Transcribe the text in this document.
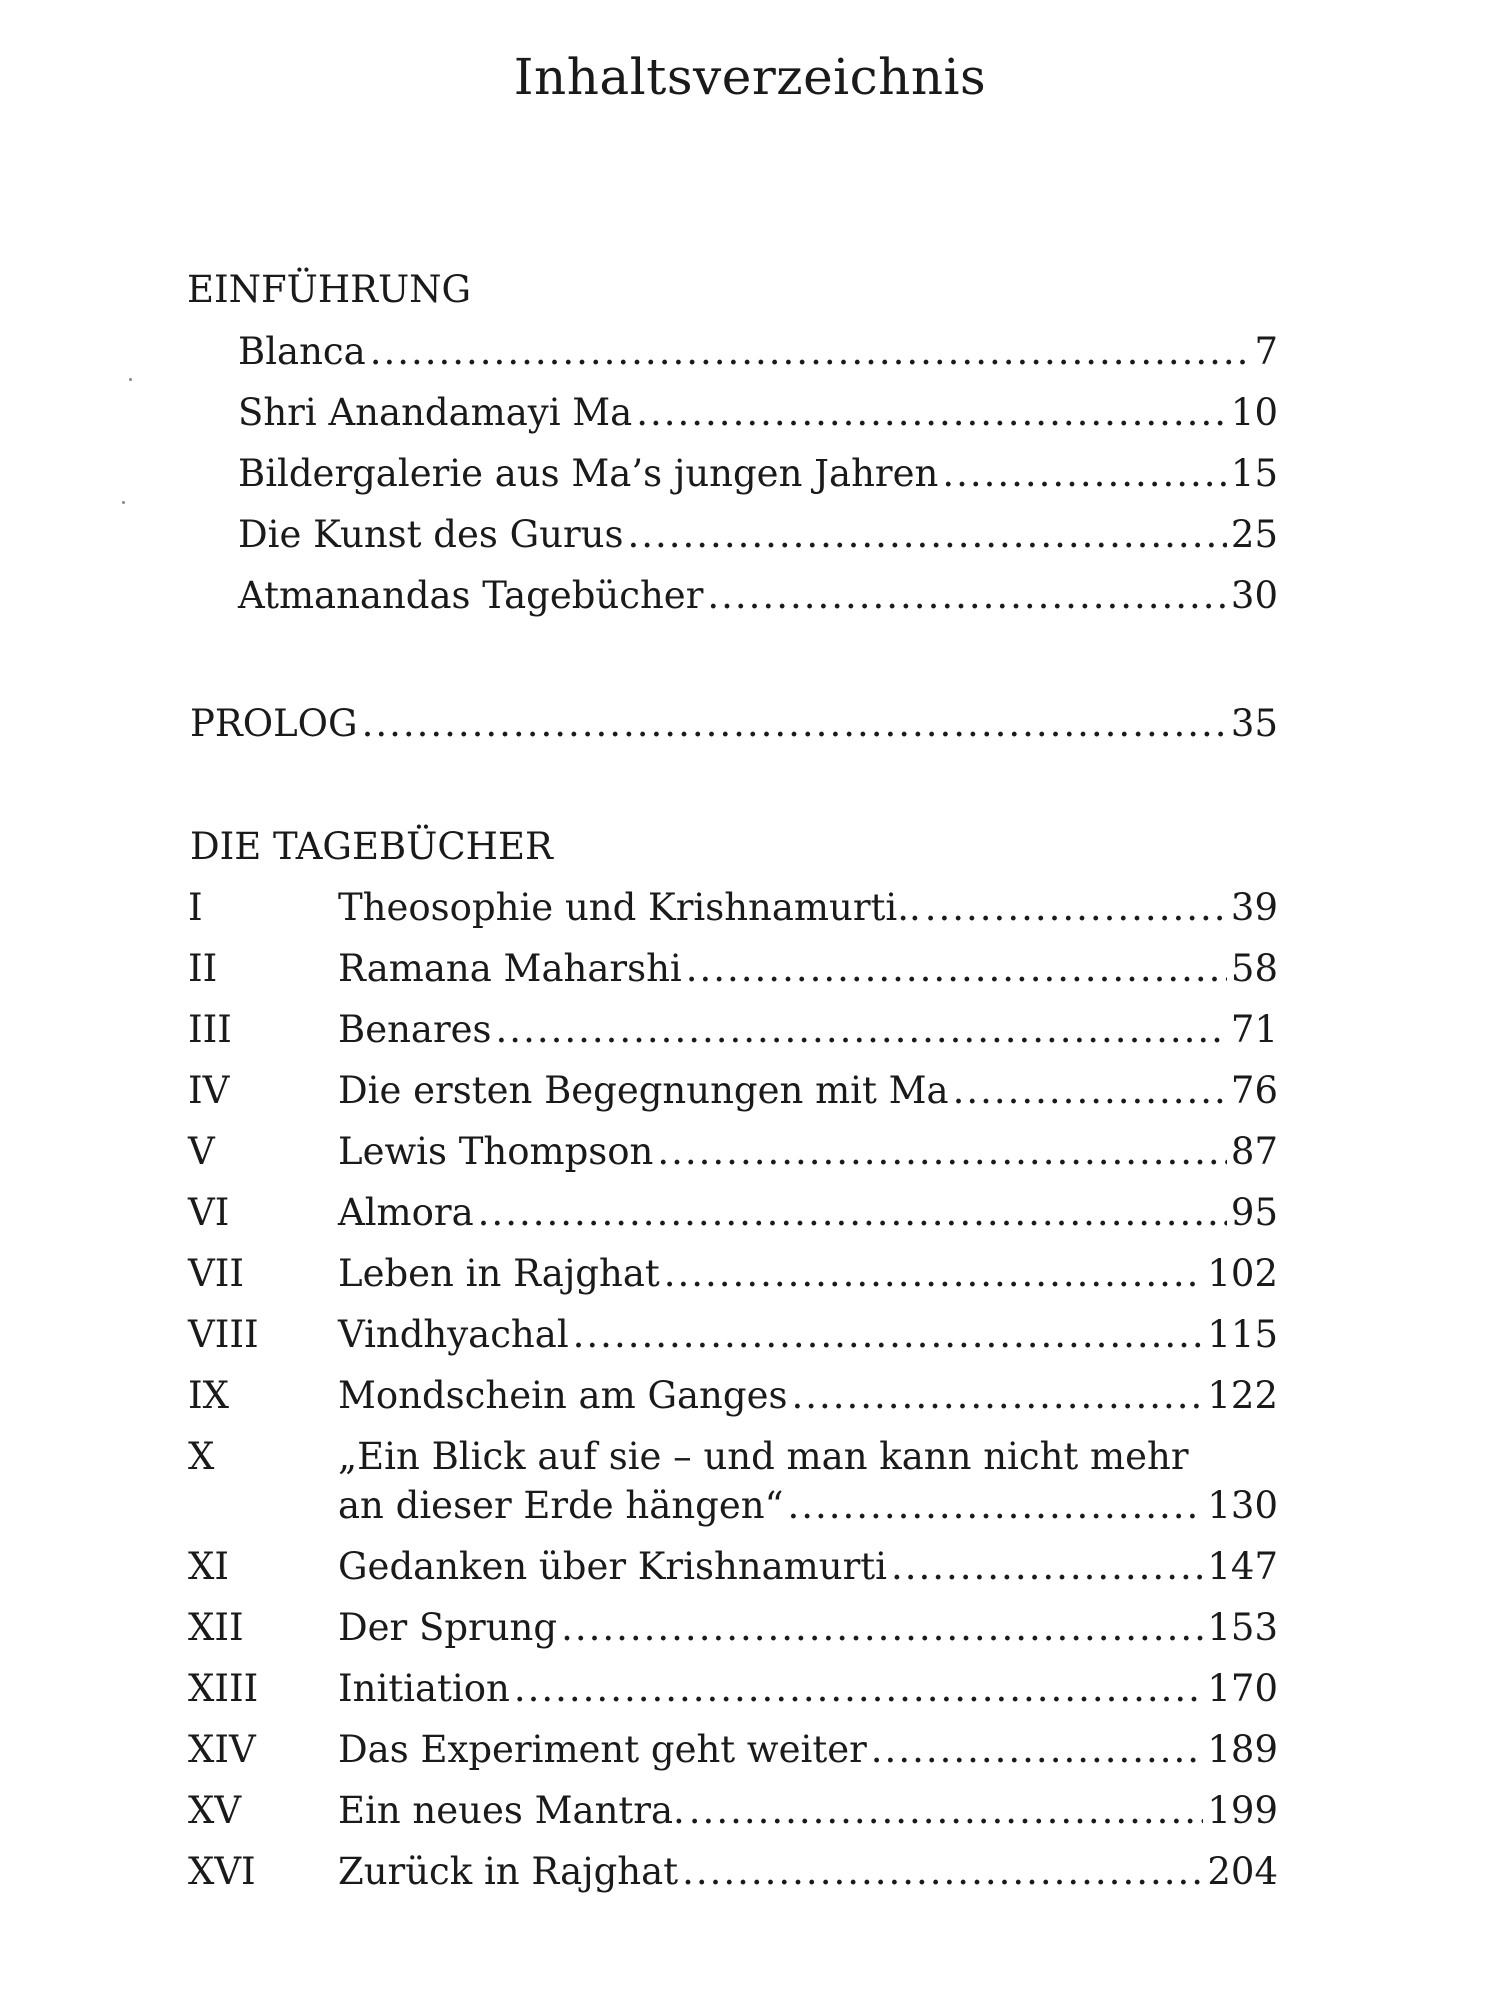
Inhaltsverzeichnis
EINFÜHRUNG
Blanca .....	7
Shri Anandamayi Ma .....	10
Bildergalerie aus Ma’s jungen Jahren .....	15
Die Kunst des Gurus .....	25
Atmanandas Tagebücher .....	30
PROLOG .....	35
DIE TAGEBÜCHER
I	Theosophie und Krishnamurti.. .....	39
II	Ramana Maharshi .....	58
III	Benares .....	71
IV	Die ersten Begegnungen mit Ma .....	76
V	Lewis Thompson .....	87
VI	Almora .....	95
VII	Leben in Rajghat .....	102
VIII Vindhyachal .....	115
IX	Mondschein am Ganges .....	122
X	„Ein Blick auf sie – und man kann nicht mehr
an dieser Erde hängen“ .....	130
XI	Gedanken über Krishnamurti .....	147
XII	Der Sprung .....	153
XIII Initiation .....	170
XIV Das Experiment geht weiter .....	189
XV	Ein neues Mantra. .....	199
XVI Zurück in Rajghat .....	204
